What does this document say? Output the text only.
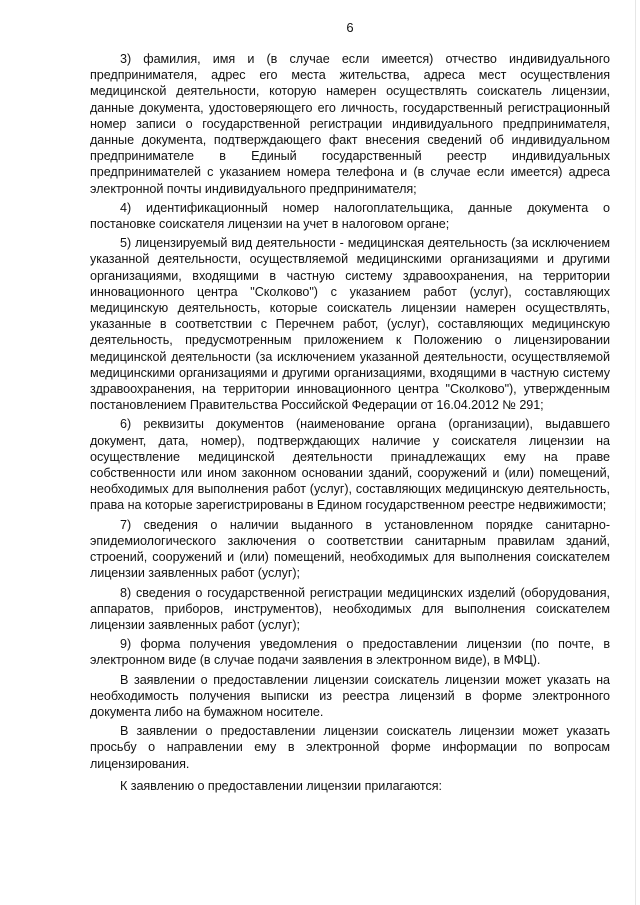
6

3) фамилия, имя и (в случае если имеется) отчество индивидуального предпринимателя, адрес его места жительства, адреса мест осуществления медицинской деятельности, которую намерен осуществлять соискатель лицензии, данные документа, удостоверяющего его личность, государственный регистрационный номер записи о государственной регистрации индивидуального предпринимателя, данные документа, подтверждающего факт внесения сведений об индивидуальном предпринимателе в Единый государственный реестр индивидуальных предпринимателей с указанием номера телефона и (в случае если имеется) адреса электронной почты индивидуального предпринимателя;

4) идентификационный номер налогоплательщика, данные документа о постановке соискателя лицензии на учет в налоговом органе;

5) лицензируемый вид деятельности - медицинская деятельность (за исключением указанной деятельности, осуществляемой медицинскими организациями и другими организациями, входящими в частную систему здравоохранения, на территории инновационного центра "Сколково") с указанием работ (услуг), составляющих медицинскую деятельность, которые соискатель лицензии намерен осуществлять, указанные в соответствии с Перечнем работ, (услуг), составляющих медицинскую деятельность, предусмотренным приложением к Положению о лицензировании медицинской деятельности (за исключением указанной деятельности, осуществляемой медицинскими организациями и другими организациями, входящими в частную систему здравоохранения, на территории инновационного центра "Сколково"), утвержденным постановлением Правительства Российской Федерации от 16.04.2012 № 291;

6) реквизиты документов (наименование органа (организации), выдавшего документ, дата, номер), подтверждающих наличие у соискателя лицензии на осуществление медицинской деятельности принадлежащих ему на праве собственности или ином законном основании зданий, сооружений и (или) помещений, необходимых для выполнения работ (услуг), составляющих медицинскую деятельность, права на которые зарегистрированы в Едином государственном реестре недвижимости;

7) сведения о наличии выданного в установленном порядке санитарно-эпидемиологического заключения о соответствии санитарным правилам зданий, строений, сооружений и (или) помещений, необходимых для выполнения соискателем лицензии заявленных работ (услуг);

8) сведения о государственной регистрации медицинских изделий (оборудования, аппаратов, приборов, инструментов), необходимых для выполнения соискателем лицензии заявленных работ (услуг);

9) форма получения уведомления о предоставлении лицензии (по почте, в электронном виде (в случае подачи заявления в электронном виде), в МФЦ).

В заявлении о предоставлении лицензии соискатель лицензии может указать на необходимость получения выписки из реестра лицензий в форме электронного документа либо на бумажном носителе.

В заявлении о предоставлении лицензии соискатель лицензии может указать просьбу о направлении ему в электронной форме информации по вопросам лицензирования.

К заявлению о предоставлении лицензии прилагаются:
